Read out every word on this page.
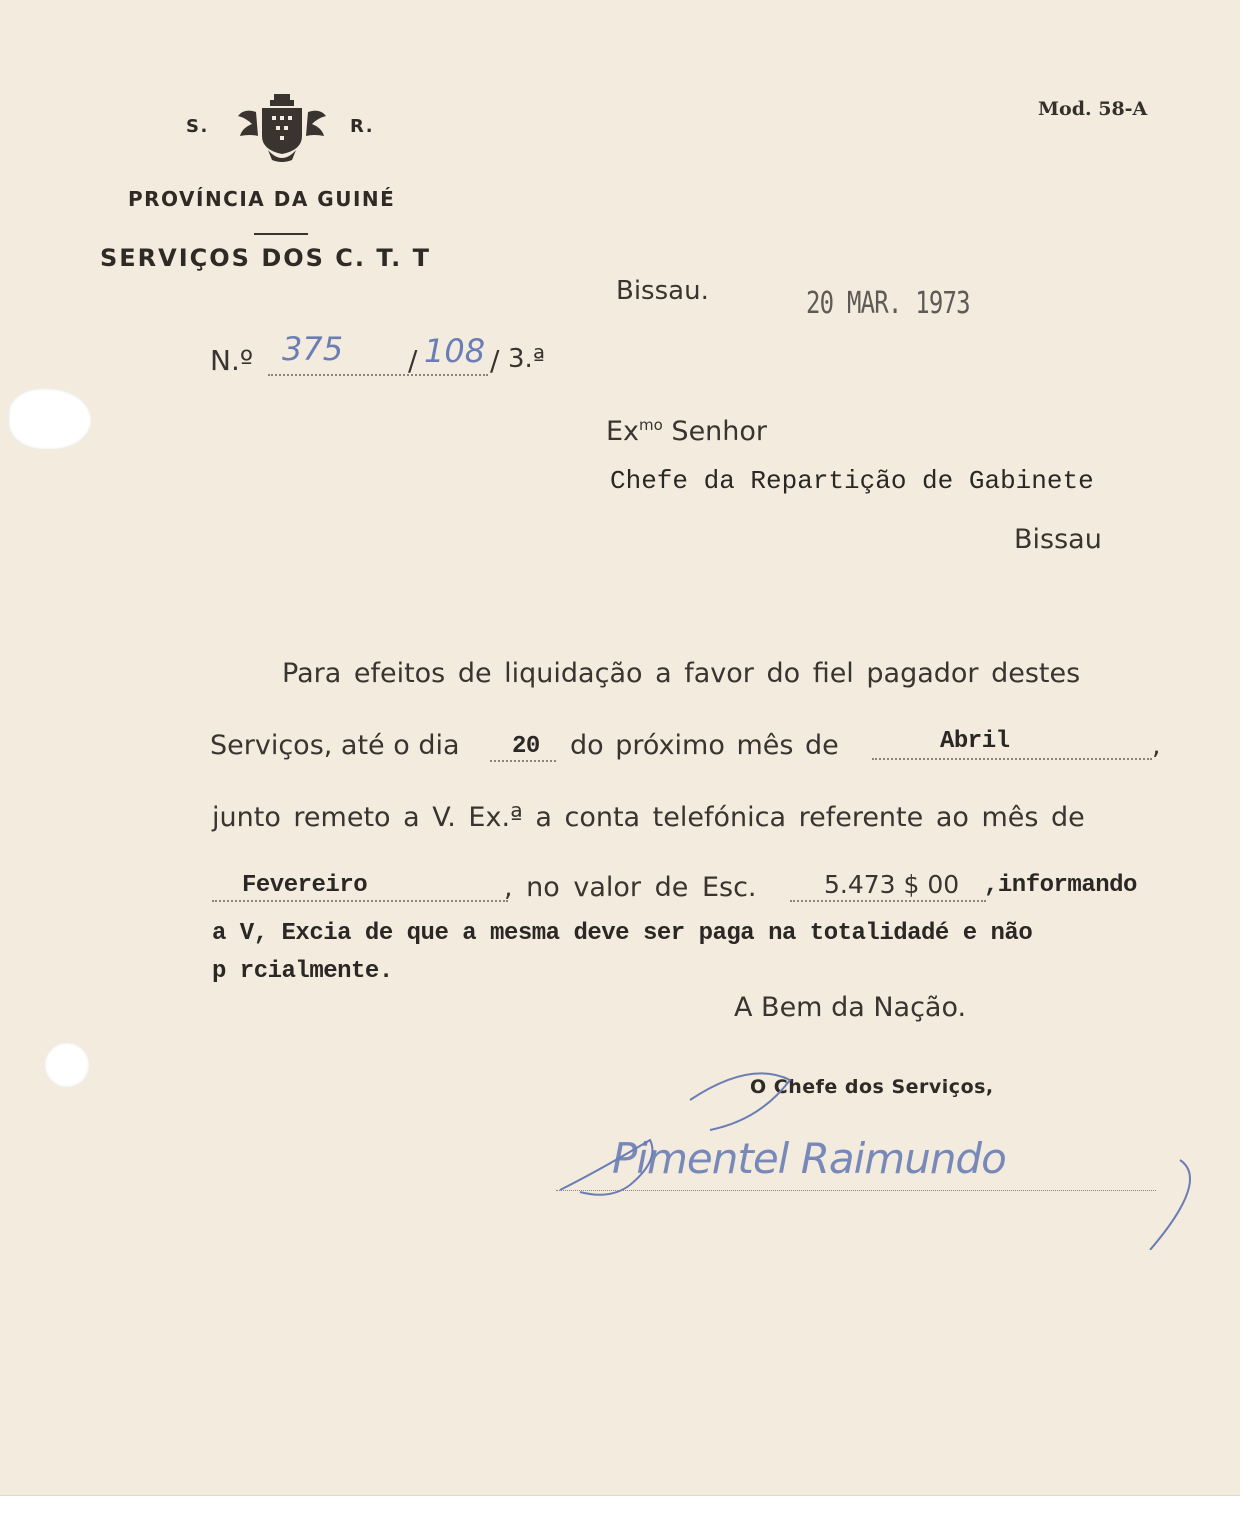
S.	R.
PROVÍNCIA DA GUINÉ
SERVIÇOS DOS C. T. T
Mod. 58-A
Bissau.	20 MAR. 1973
N.º 375 / 108 / 3.ª
$Ex^{mo}$ Senhor
Chefe da Repartição de Gabinete
Bissau
Para efeitos de liquidação a favor do fiel pagador destes
Serviços, até o dia 20 do próximo mês de	Abril	,
junto remeto a V. Ex.ª a conta telefónica referente ao mês de
Fevereiro	, no valor de Esc.	5.473 $ 00 ,informando
a V, Excia de que a mesma deve ser paga na totalidadé e não
p rcialmente.
A Bem da Nação.
O Chefe dos Serviços,
Pimentel Raimundo
